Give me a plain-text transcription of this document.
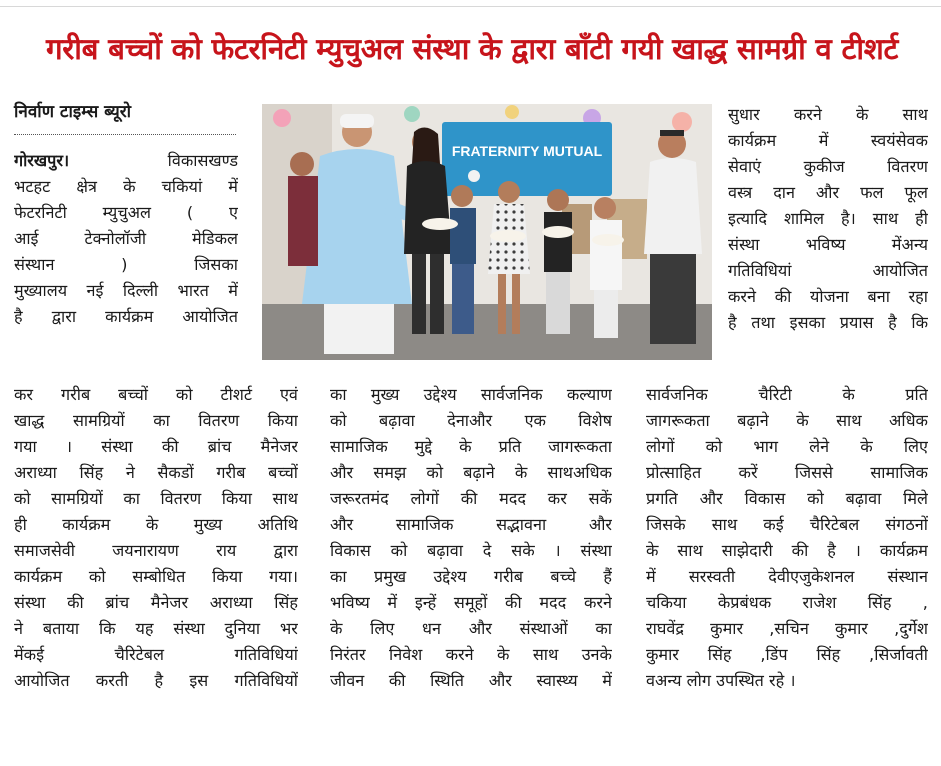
गरीब बच्चों को फेटरनिटी म्युचुअल संस्था के द्वारा बाँटी गयी खाद्ध सामग्री व टीशर्ट
निर्वाण टाइम्स ब्यूरो
FRATERNITY MUTUAL
गोरखपुर।	विकासखण्ड
भटहट क्षेत्र के चकियां में
फेटरनिटी म्युचुअल ( ए
आई	टेक्नोलॉजी	मेडिकल
संस्थान	)	जिसका
मुख्यालय नई दिल्ली भारत में
है द्वारा कार्यक्रम आयोजित
कर गरीब बच्चों को टीशर्ट एवं
खाद्ध सामग्रियों का वितरण किया
गया । संस्था की ब्रांच मैनेजर
अराध्या सिंह ने सैकडों गरीब बच्चों
को सामग्रियों का वितरण किया साथ
ही कार्यक्रम के मुख्य अतिथि
समाजसेवी जयनारायण राय द्वारा
कार्यक्रम को सम्बोधित किया गया।
संस्था की ब्रांच मैनेजर अराध्या सिंह
ने बताया कि यह संस्था दुनिया भर
मेंकई	चैरिटेबल	गतिविधियां
आयोजित करती है इस गतिविधियों
का मुख्य उद्देश्य सार्वजनिक कल्याण
को बढ़ावा देनाऔर एक विशेष
सामाजिक मुद्दे के प्रति जागरूकता
और समझ को बढ़ाने के साथअधिक
जरूरतमंद लोगों की मदद कर सकें
और	सामाजिक	सद्भावना	और
विकास को बढ़ावा दे सके । संस्था
का प्रमुख उद्देश्य गरीब बच्चे हैं
भविष्य में इन्हें समूहों की मदद करने
के लिए धन और संस्थाओं का
निरंतर निवेश करने के साथ उनके
जीवन की स्थिति और स्वास्थ्य में
सुधार करने के साथ
कार्यक्रम	में	स्वयंसेवक
सेवाएं	कुकीज	वितरण
वस्त्र दान और फल फूल
इत्यादि शामिल है। साथ ही
संस्था	भविष्य	मेंअन्य
गतिविधियां	आयोजित
करने की योजना बना रहा
है तथा इसका प्रयास है कि
सार्वजनिक	चैरिटी	के	प्रति
जागरूकता बढ़ाने के साथ अधिक
लोगों को भाग लेने के लिए
प्रोत्साहित करें जिससे सामाजिक
प्रगति और विकास को बढ़ावा मिले
जिसके साथ कई चैरिटेबल संगठनों
के साथ साझेदारी की है । कार्यक्रम
में सरस्वती देवीएजुकेशनल संस्थान
चकिया केप्रबंधक राजेश सिंह ,
राघवेंद्र कुमार ,सचिन कुमार ,दुर्गेश
कुमार सिंह ,डिंप सिंह ,सिर्जावती
वअन्य लोग उपस्थित रहे ।
